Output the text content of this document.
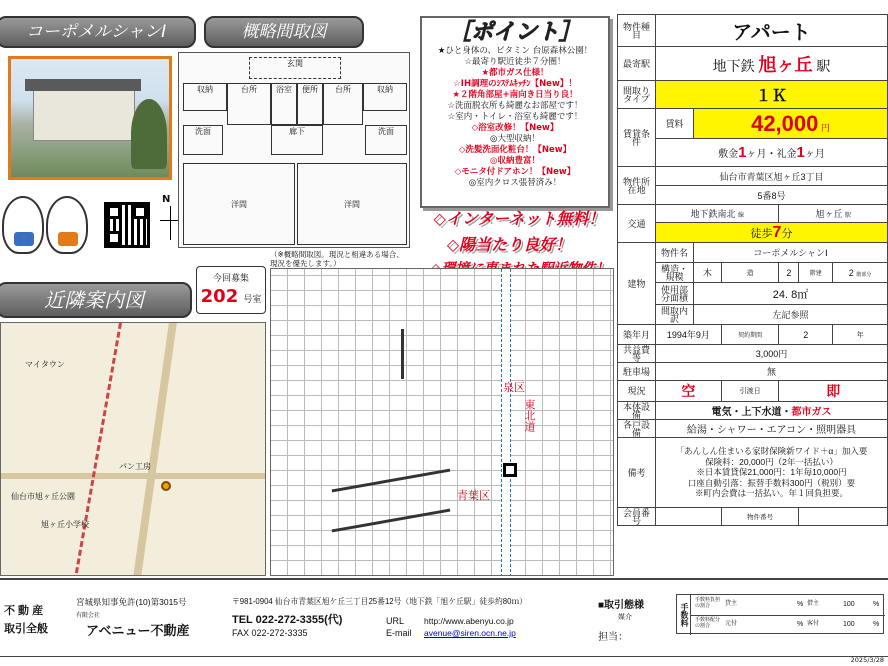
コーポメルシャンⅠ	概略間取図
N
収納	台所	浴室	便所	台所	収納
洗面	廊下	洗面
洋間	洋間
玄関
（※概略間取図。現況と相違ある場合、現況を優先します。）
［ポイント］
★ひと身体の、ビタミン 台原森林公園！
☆最寄り駅近徒歩７分圏！
★都市ガス仕様！
☆IH調理のｼｽﾃﾑｷｯﾁﾝ【New】！
★２階角部屋+南向き日当り良！
☆洗面脱衣所も綺麗なお部屋です！
☆室内・トイレ・浴室も綺麗です！
◇浴室改修！【New】
◎大型収納！
◇洗髪洗面化粧台！【New】
◎収納豊富！
◇モニタ付ドアホン！【New】
◎室内クロス張替済み！
◇インターネット無料！
◇陽当たり良好！
近隣案内図
今回募集
202 号室
マイタウン
パン工房
仙台市旭ヶ丘公園
旭ヶ丘小学校
泉区
青葉区
東北道
物件種目	アパート					
最寄駅	地下鉄 旭ヶ丘 駅					
間取りタイプ	１Ｋ					
賃貸条件	賃料	42,000 円				
	敷金1ヶ月・礼金1ヶ月					
物件所在地	仙台市青葉区旭ヶ丘3丁目					
	5番8号					
交通	地下鉄南北 線			旭ヶ丘 駅		
	徒歩7分					
建物	物件名	コーポメルシャンⅠ				
	構造・規模	木	造	2	階建	2 階部分
	使用部分面積	24. 8㎡				
	間取内訳	左記参照				
築年月	1994年9月		契約期間	2		年
共益費等	3,000円					
駐車場	無					
現況	空		引渡日	即		
本体設備	電気・上下水道・都市ガス					
各戸設備	給湯・シャワー・エアコン・照明器具					
備考	「あんしん住まいる家財保険新ワイド＋α」加入要
保険料：20,000円（2年一括払い）
※日本賃貸保21,000円：1年毎10,000円
口座自動引落：振替手数料300円（税別）要
※町内会費は一括払い。年１回負担要。					

会員番号			物件番号			
不 動 産
取引全般
宮城県知事免許(10)第3015号
有限会社
アベニュー不動産
〒981-0904 仙台市青葉区旭ケ丘三丁目25番12号（地下鉄「旭ケ丘駅」徒歩約80ｍ）
TEL 022-272-3355(代)
FAX 022-272-3335
URL http://www.abenyu.co.jp
E-mail avenue@siren.ocn.ne.jp
■取引態様
媒介
担当：
手数料
手数料負担の割合	貸主	% 借主	100	%
手数料配分の割合	元付	% 客付	100	%
2025/3/28
